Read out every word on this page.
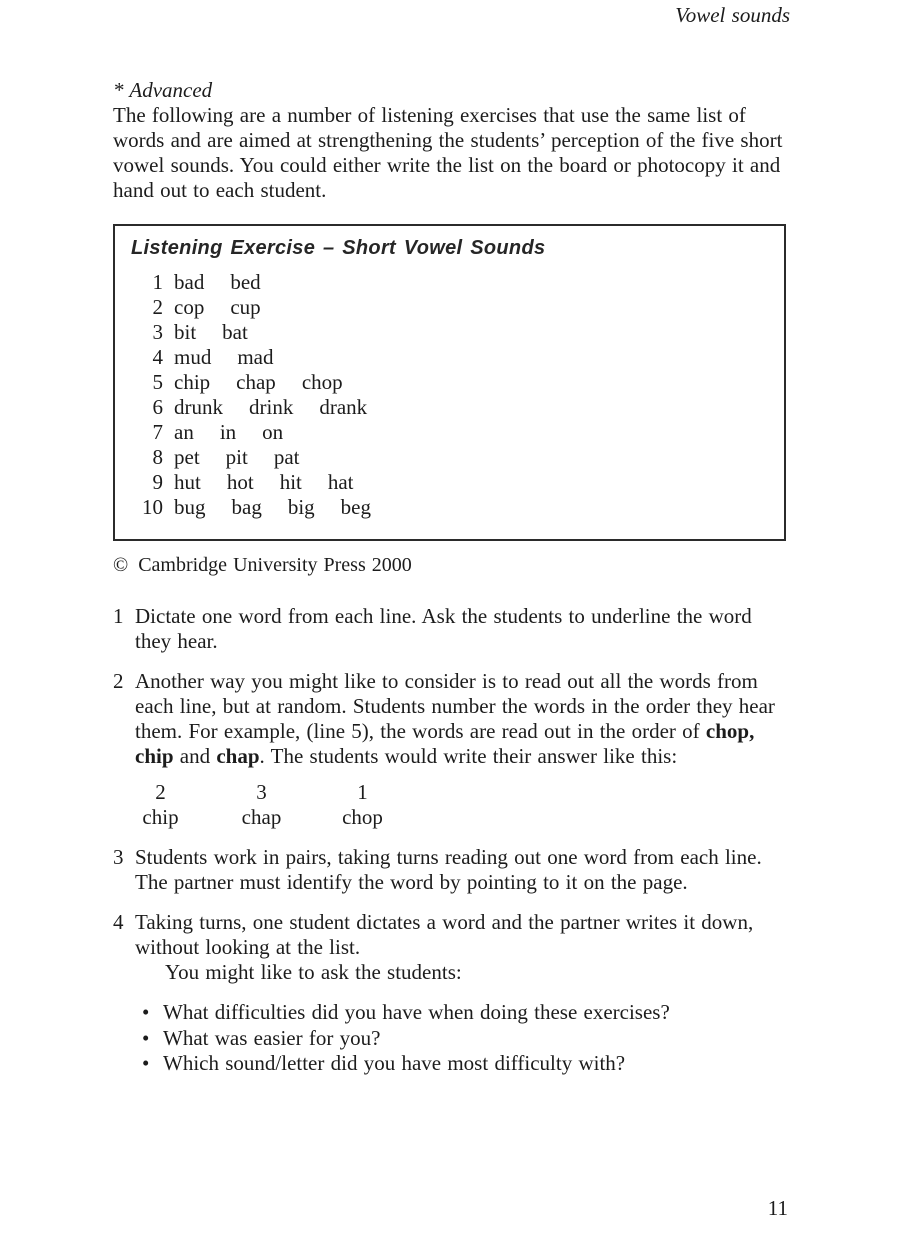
Vowel sounds
* Advanced

The following are a number of listening exercises that use the same list of words and are aimed at strengthening the students’ perception of the five short vowel sounds. You could either write the list on the board or photocopy it and hand out to each student.

Listening Exercise – Short Vowel Sounds
1 bad bed
2 cop cup
3 bit bat
4 mud mad
5 chip chap chop
6 drunk drink drank
7 an in on
8 pet pit pat
9 hut hot hit hat
10 bug bag big beg
© Cambridge University Press 2000
1 Dictate one word from each line. Ask the students to underline the word they hear.

2 Another way you might like to consider is to read out all the words from each line, but at random. Students number the words in the order they hear them. For example, (line 5), the words are read out in the order of chop, chip and chap. The students would write their answer like this:

2
chip
3
chap
1
chop
3 Students work in pairs, taking turns reading out one word from each line. The partner must identify the word by pointing to it on the page.

4 Taking turns, one student dictates a word and the partner writes it down, without looking at the list.

You might like to ask the students:

• What difficulties did you have when doing these exercises?
• What was easier for you?
• Which sound/letter did you have most difficulty with?
11
